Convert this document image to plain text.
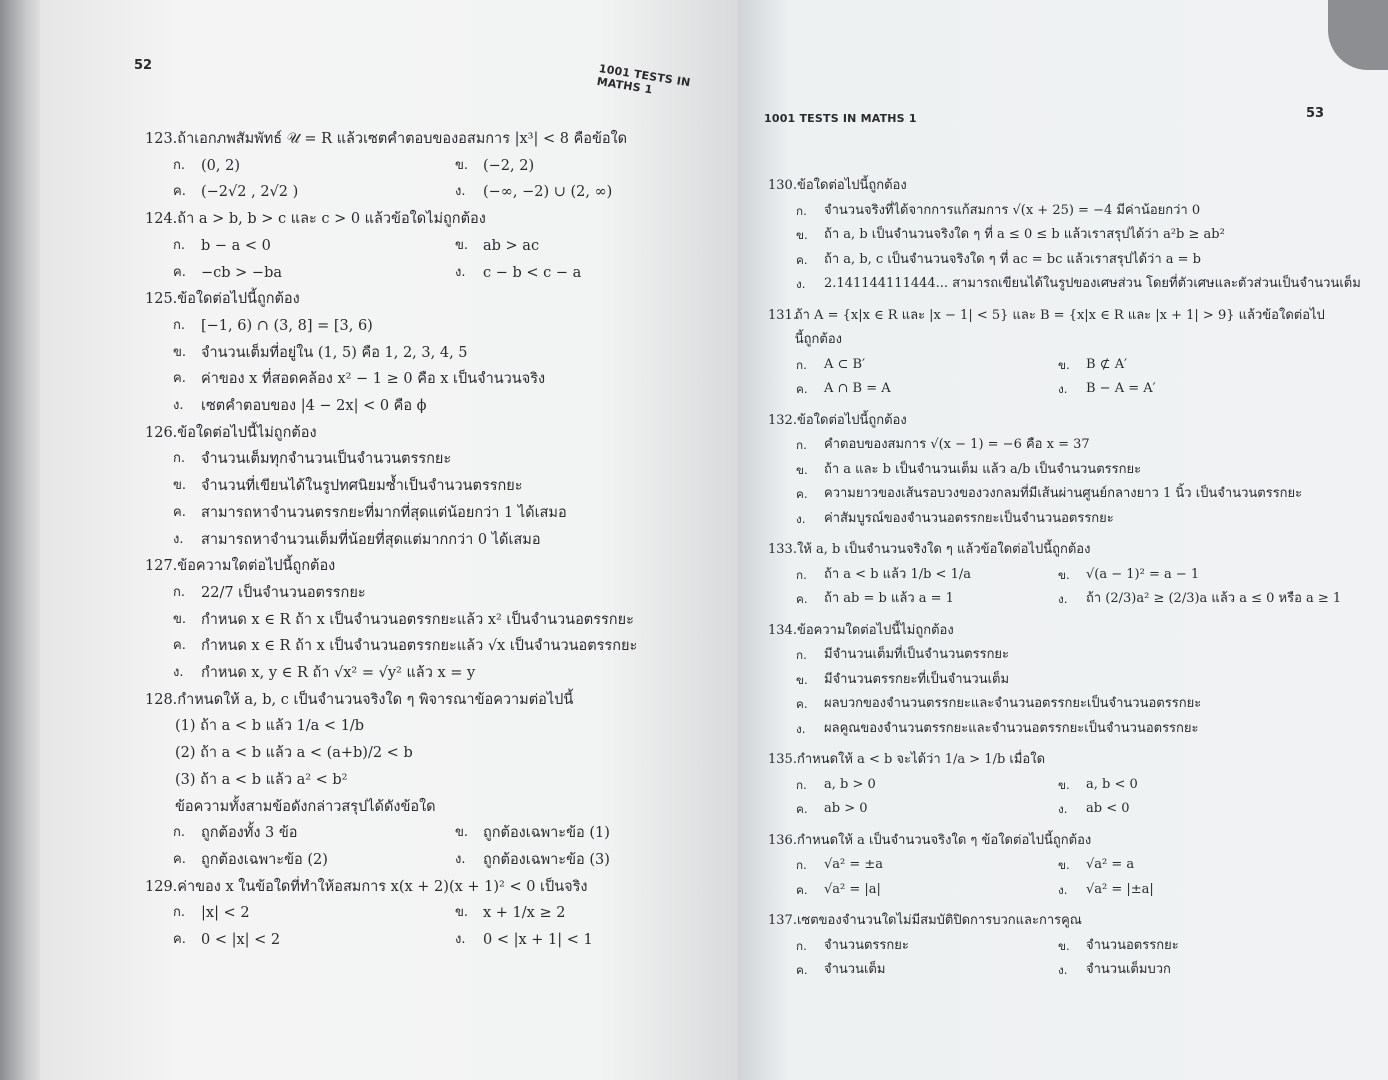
52	1001 TESTS IN MATHS 1
123. ถ้าเอกภพสัมพัทธ์ 𝒰 = R แล้วเซตคำตอบของอสมการ |x³| < 8 คือข้อใด
ก.	(0, 2)	ข.	(−2, 2)
ค.	(−2√2 , 2√2 )	ง.	(−∞, −2) ∪ (2, ∞)
124. ถ้า a > b, b > c และ c > 0 แล้วข้อใดไม่ถูกต้อง
ก.	b − a < 0	ข.	ab > ac
ค.	−cb > −ba	ง.	c − b < c − a
125. ข้อใดต่อไปนี้ถูกต้อง
ก.	[−1, 6) ∩ (3, 8] = [3, 6)
ข.	จำนวนเต็มที่อยู่ใน (1, 5) คือ 1, 2, 3, 4, 5
ค.	ค่าของ x ที่สอดคล้อง x² − 1 ≥ 0 คือ x เป็นจำนวนจริง
ง.	เซตคำตอบของ |4 − 2x| < 0 คือ ϕ
126. ข้อใดต่อไปนี้ไม่ถูกต้อง
ก.	จำนวนเต็มทุกจำนวนเป็นจำนวนตรรกยะ
ข.	จำนวนที่เขียนได้ในรูปทศนิยมซ้ำเป็นจำนวนตรรกยะ
ค.	สามารถหาจำนวนตรรกยะที่มากที่สุดแต่น้อยกว่า 1 ได้เสมอ
ง.	สามารถหาจำนวนเต็มที่น้อยที่สุดแต่มากกว่า 0 ได้เสมอ
127. ข้อความใดต่อไปนี้ถูกต้อง
ก.	22/7 เป็นจำนวนอตรรกยะ
ข.	กำหนด x ∈ R ถ้า x เป็นจำนวนอตรรกยะแล้ว x² เป็นจำนวนอตรรกยะ
ค.	กำหนด x ∈ R ถ้า x เป็นจำนวนอตรรกยะแล้ว √x เป็นจำนวนอตรรกยะ
ง.	กำหนด x, y ∈ R ถ้า √x² = √y² แล้ว x = y
128. กำหนดให้ a, b, c เป็นจำนวนจริงใด ๆ พิจารณาข้อความต่อไปนี้
(1) ถ้า a < b แล้ว 1/a < 1/b
(2) ถ้า a < b แล้ว a < (a+b)/2 < b
(3) ถ้า a < b แล้ว a² < b²
ข้อความทั้งสามข้อดังกล่าวสรุปได้ดังข้อใด
ก.	ถูกต้องทั้ง 3 ข้อ	ข.	ถูกต้องเฉพาะข้อ (1)
ค.	ถูกต้องเฉพาะข้อ (2)	ง.	ถูกต้องเฉพาะข้อ (3)
129. ค่าของ x ในข้อใดที่ทำให้อสมการ x(x + 2)(x + 1)² < 0 เป็นจริง
ก.	|x| < 2	ข.	x + 1/x ≥ 2
ค.	0 < |x| < 2	ง.	0 < |x + 1| < 1
1001 TESTS IN MATHS 1	53
130. ข้อใดต่อไปนี้ถูกต้อง
ก.	จำนวนจริงที่ได้จากการแก้สมการ √(x + 25) = −4 มีค่าน้อยกว่า 0
ข.	ถ้า a, b เป็นจำนวนจริงใด ๆ ที่ a ≤ 0 ≤ b แล้วเราสรุปได้ว่า a²b ≥ ab²
ค.	ถ้า a, b, c เป็นจำนวนจริงใด ๆ ที่ ac = bc แล้วเราสรุปได้ว่า a = b
ง.	2.141144111444... สามารถเขียนได้ในรูปของเศษส่วน โดยที่ตัวเศษและตัวส่วนเป็นจำนวนเต็ม
131.
ถ้า A = {x|x ∈ R และ |x − 1| < 5} และ B = {x|x ∈ R และ |x + 1| > 9} แล้วข้อใดต่อไปนี้ถูกต้อง
ก.	A ⊂ B′	ข.	B ⊄ A′
ค.	A ∩ B = A	ง.	B − A = A′
132. ข้อใดต่อไปนี้ถูกต้อง
ก.	คำตอบของสมการ √(x − 1) = −6 คือ x = 37
ข.	ถ้า a และ b เป็นจำนวนเต็ม แล้ว a/b เป็นจำนวนตรรกยะ
ค.	ความยาวของเส้นรอบวงของวงกลมที่มีเส้นผ่านศูนย์กลางยาว 1 นิ้ว เป็นจำนวนตรรกยะ
ง.	ค่าสัมบูรณ์ของจำนวนอตรรกยะเป็นจำนวนอตรรกยะ
133. ให้ a, b เป็นจำนวนจริงใด ๆ แล้วข้อใดต่อไปนี้ถูกต้อง
ก.	ถ้า a < b แล้ว 1/b < 1/a	ข.	√(a − 1)² = a − 1
ค.	ถ้า ab = b แล้ว a = 1	ง.	ถ้า (2/3)a² ≥ (2/3)a แล้ว a ≤ 0 หรือ a ≥ 1
134. ข้อความใดต่อไปนี้ไม่ถูกต้อง
ก.	มีจำนวนเต็มที่เป็นจำนวนตรรกยะ
ข.	มีจำนวนตรรกยะที่เป็นจำนวนเต็ม
ค.	ผลบวกของจำนวนตรรกยะและจำนวนอตรรกยะเป็นจำนวนอตรรกยะ
ง.	ผลคูณของจำนวนตรรกยะและจำนวนอตรรกยะเป็นจำนวนอตรรกยะ
135. กำหนดให้ a < b จะได้ว่า 1/a > 1/b เมื่อใด
ก.	a, b > 0	ข.	a, b < 0
ค.	ab > 0	ง.	ab < 0
136. กำหนดให้ a เป็นจำนวนจริงใด ๆ ข้อใดต่อไปนี้ถูกต้อง
ก.	√a² = ±a	ข.	√a² = a
ค.	√a² = |a|	ง.	√a² = |±a|
137. เซตของจำนวนใดไม่มีสมบัติปิดการบวกและการคูณ
ก.	จำนวนตรรกยะ	ข.	จำนวนอตรรกยะ
ค.	จำนวนเต็ม	ง.	จำนวนเต็มบวก
